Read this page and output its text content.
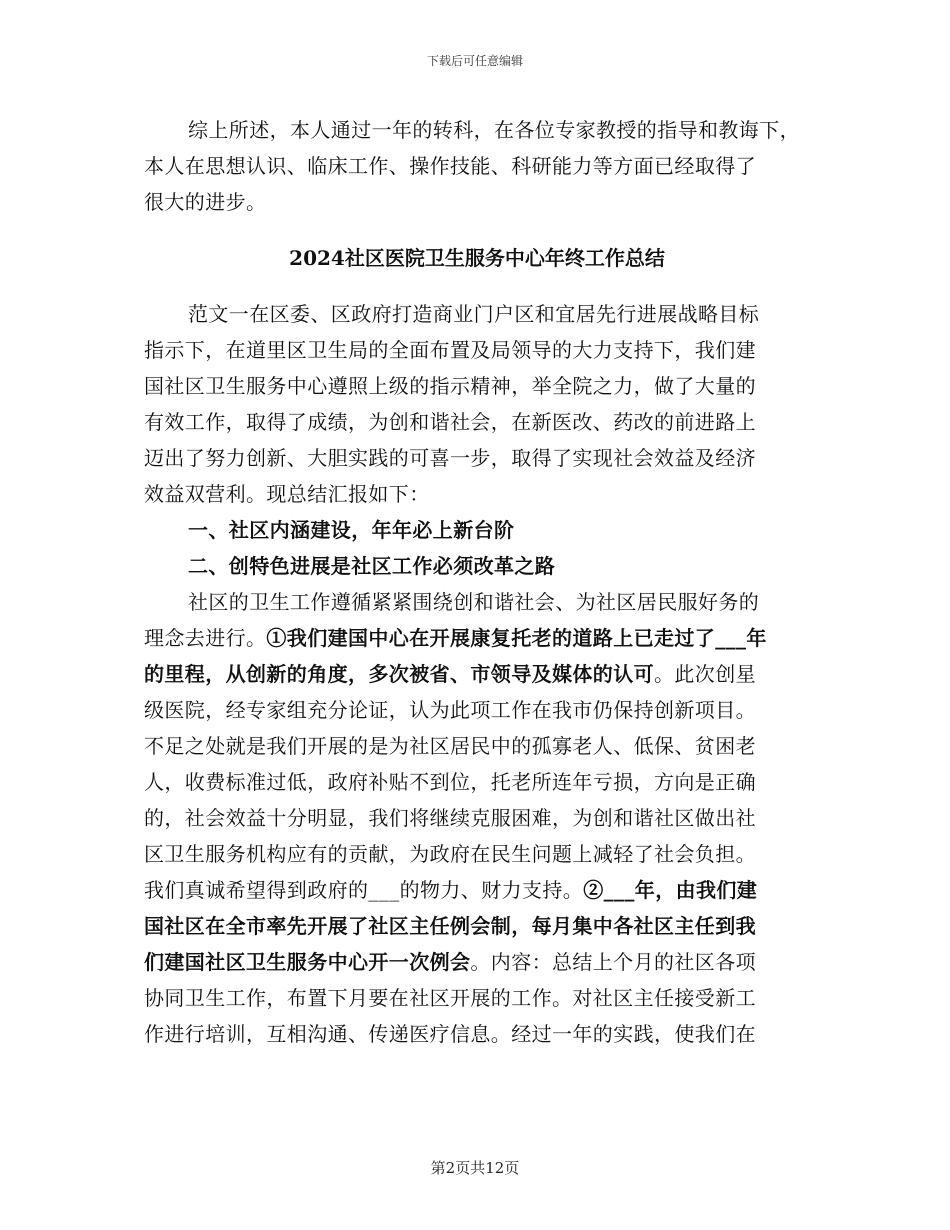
下载后可任意编辑
综上所述，本人通过一年的转科，在各位专家教授的指导和教诲下，
本人在思想认识、临床工作、操作技能、科研能力等方面已经取得了
很大的进步。
2024社区医院卫生服务中心年终工作总结
范文一在区委、区政府打造商业门户区和宜居先行进展战略目标
指示下，在道里区卫生局的全面布置及局领导的大力支持下，我们建
国社区卫生服务中心遵照上级的指示精神，举全院之力，做了大量的
有效工作，取得了成绩，为创和谐社会，在新医改、药改的前进路上
迈出了努力创新、大胆实践的可喜一步，取得了实现社会效益及经济
效益双营利。现总结汇报如下：
一、社区内涵建设，年年必上新台阶
二、创特色进展是社区工作必须改革之路
社区的卫生工作遵循紧紧围绕创和谐社会、为社区居民服好务的
理念去进行。①我们建国中心在开展康复托老的道路上已走过了___年
的里程，从创新的角度，多次被省、市领导及媒体的认可。此次创星
级医院，经专家组充分论证，认为此项工作在我市仍保持创新项目。
不足之处就是我们开展的是为社区居民中的孤寡老人、低保、贫困老
人，收费标准过低，政府补贴不到位，托老所连年亏损，方向是正确
的，社会效益十分明显，我们将继续克服困难，为创和谐社区做出社
区卫生服务机构应有的贡献，为政府在民生问题上减轻了社会负担。
我们真诚希望得到政府的___的物力、财力支持。②___年，由我们建
国社区在全市率先开展了社区主任例会制，每月集中各社区主任到我
们建国社区卫生服务中心开一次例会。内容：总结上个月的社区各项
协同卫生工作，布置下月要在社区开展的工作。对社区主任接受新工
作进行培训，互相沟通、传递医疗信息。经过一年的实践，使我们在
第2页共12页
